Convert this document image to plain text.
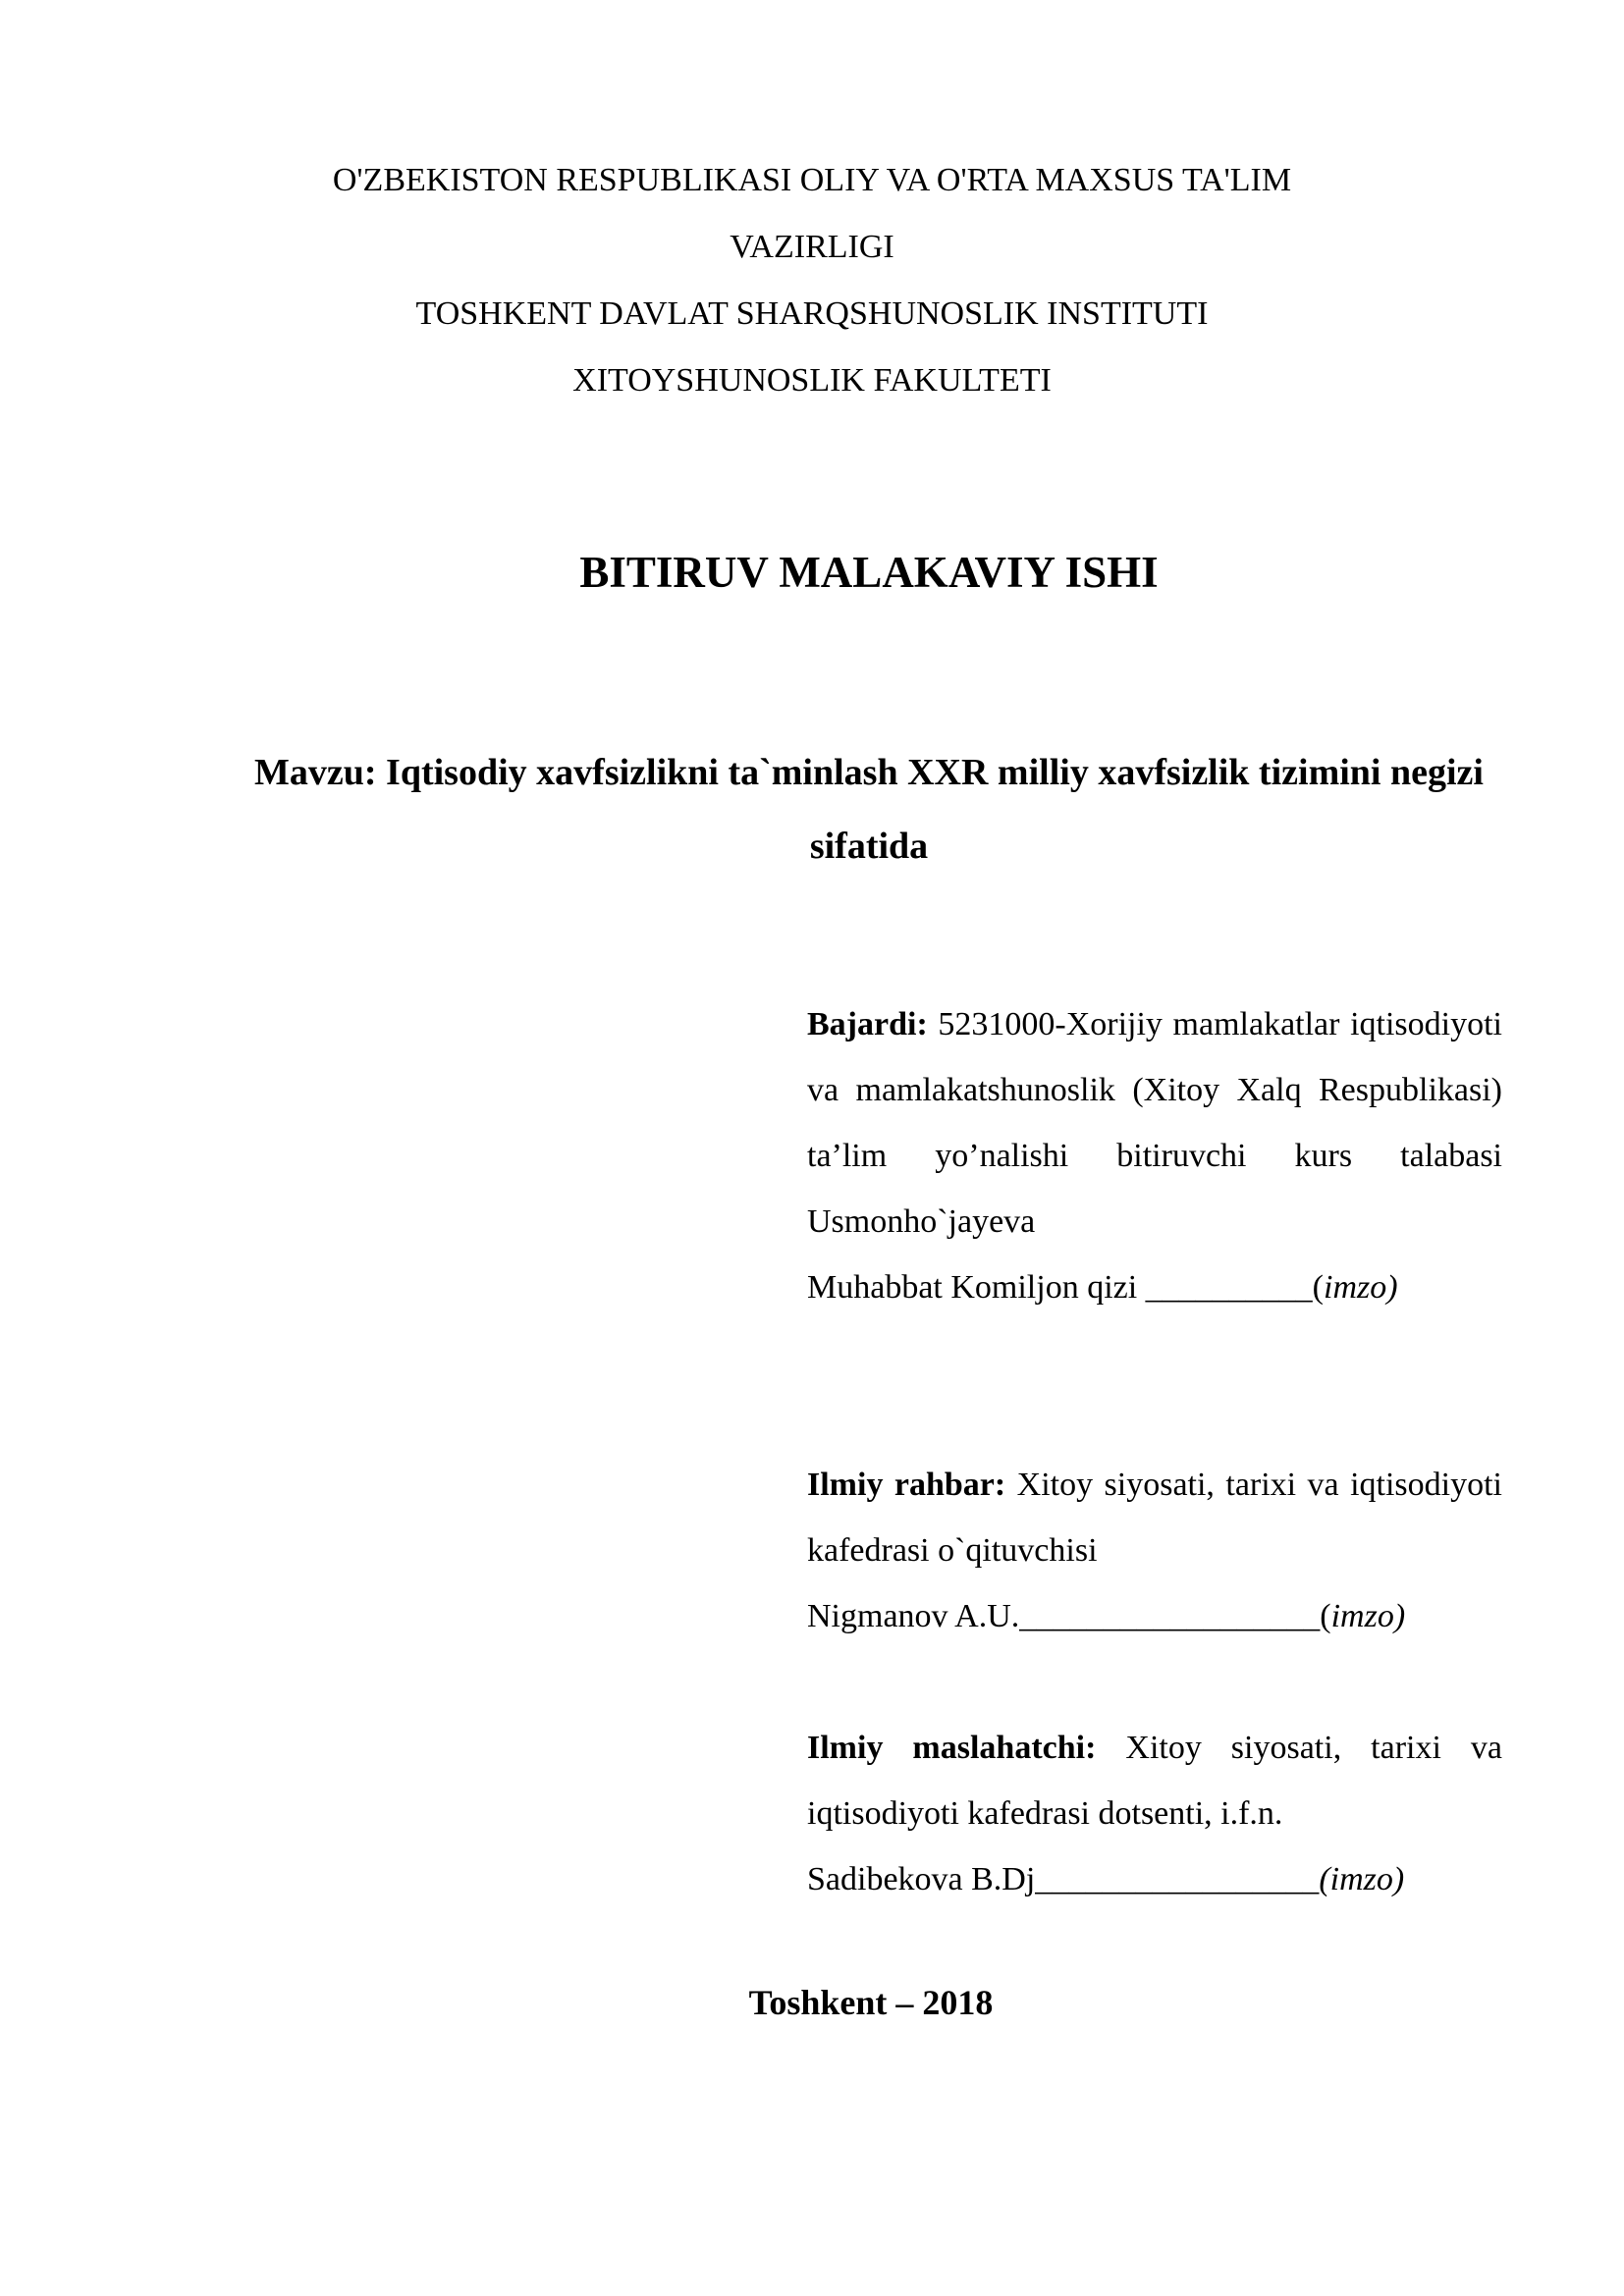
O'ZBEKISTON RESPUBLIKASI OLIY VA O'RTA MAXSUS TA'LIM
VAZIRLIGI
TOSHKENT DAVLAT SHARQSHUNOSLIK INSTITUTI
XITOYSHUNOSLIK FAKULTETI
BITIRUV MALAKAVIY ISHI
Mavzu: Iqtisodiy xavfsizlikni ta`minlash XXR milliy xavfsizlik tizimini negizi sifatida
Bajardi: 5231000-Xorijiy mamlakatlar iqtisodiyoti va mamlakatshunoslik (Xitoy Xalq Respublikasi) ta’lim yo’nalishi bitiruvchi kurs talabasi Usmonho`jayeva
Muhabbat Komiljon qizi __________(imzo)
Ilmiy rahbar: Xitoy siyosati, tarixi va iqtisodiyoti kafedrasi o`qituvchisi
Nigmanov A.U.__________________(imzo)
Ilmiy maslahatchi: Xitoy siyosati, tarixi va iqtisodiyoti kafedrasi dotsenti, i.f.n.
Sadibekova B.Dj_________________(imzo)
Toshkent – 2018
